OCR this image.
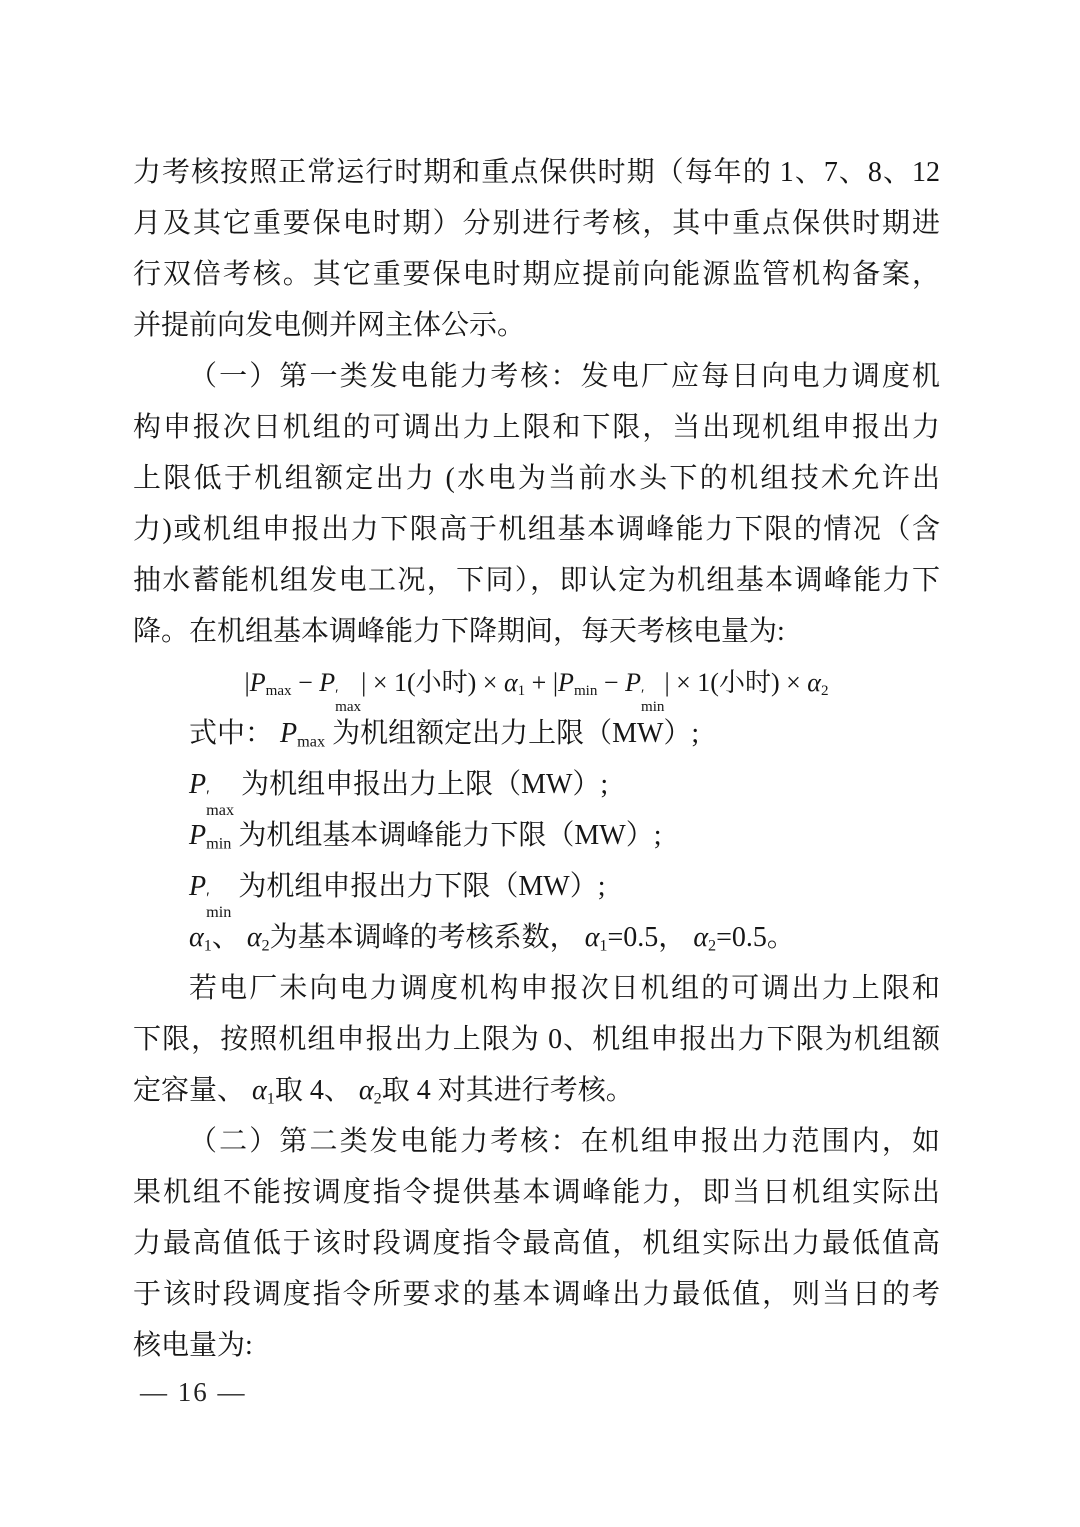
力考核按照正常运行时期和重点保供时期（每年的 1、7、8、12
月及其它重要保电时期）分别进行考核，其中重点保供时期进
行双倍考核。其它重要保电时期应提前向能源监管机构备案，
并提前向发电侧并网主体公示。
（一）第一类发电能力考核：发电厂应每日向电力调度机
构申报次日机组的可调出力上限和下限，当出现机组申报出力
上限低于机组额定出力 (水电为当前水头下的机组技术允许出
力)或机组申报出力下限高于机组基本调峰能力下限的情况（含
抽水蓄能机组发电工况，下同），即认定为机组基本调峰能力下
降。在机组基本调峰能力下降期间，每天考核电量为:
$|P_{max} - P$ ′
max
| × 1(小时) × $\alpha_1 + |P_{min} - P$ ′
min
| × 1(小时) × $\alpha_2$
式中： $P_{max}$ 为机组额定出力上限（MW）;
P ′
max
为机组申报出力上限（MW）;
$P_{min}$ 为机组基本调峰能力下限（MW）;
P ′
min
为机组申报出力下限（MW）;
$\alpha_1$、 $\alpha_2$为基本调峰的考核系数， $\alpha_1=0.5$， $\alpha_2=0.5$。
若电厂未向电力调度机构申报次日机组的可调出力上限和
下限，按照机组申报出力上限为 0、机组申报出力下限为机组额
定容量、 $\alpha_1$取 4、 $\alpha_2$取 4 对其进行考核。
（二）第二类发电能力考核：在机组申报出力范围内，如
果机组不能按调度指令提供基本调峰能力，即当日机组实际出
力最高值低于该时段调度指令最高值，机组实际出力最低值高
于该时段调度指令所要求的基本调峰出力最低值，则当日的考
核电量为:
— 16 —
